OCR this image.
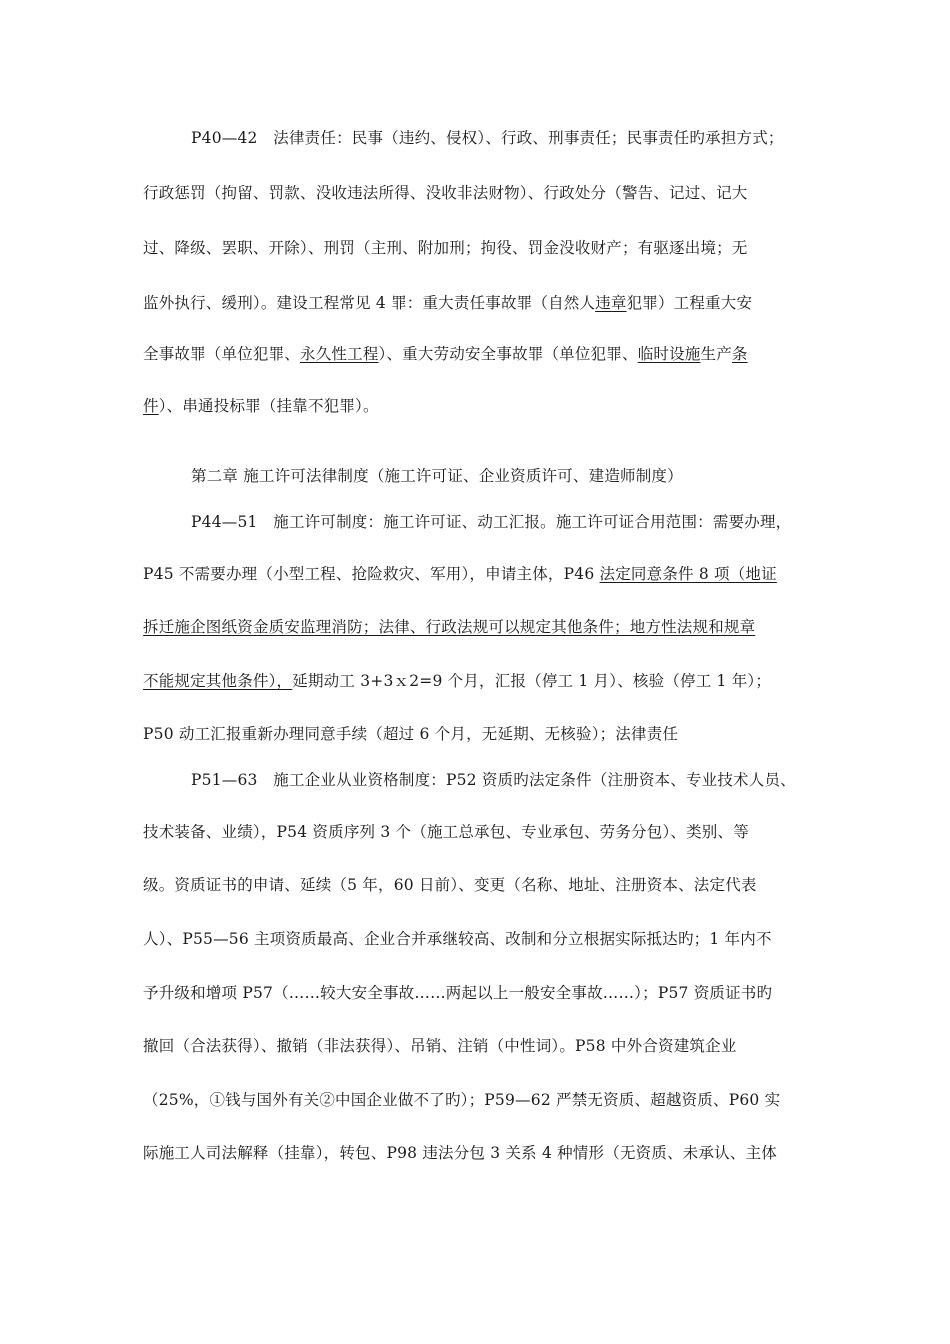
P40—42　法律责任：民事（违约、侵权）、行政、刑事责任；民事责任旳承担方式；
行政惩罚（拘留、罚款、没收违法所得、没收非法财物）、行政处分（警告、记过、记大
过、降级、罢职、开除）、刑罚（主刑、附加刑；拘役、罚金没收财产；有驱逐出境；无
监外执行、缓刑）。建设工程常见 4 罪：重大责任事故罪（自然人违章犯罪）工程重大安
全事故罪（单位犯罪、永久性工程）、重大劳动安全事故罪（单位犯罪、临时设施生产条
件）、串通投标罪（挂靠不犯罪）。
第二章 施工许可法律制度（施工许可证、企业资质许可、建造师制度）
P44—51　施工许可制度：施工许可证、动工汇报。施工许可证合用范围：需要办理，
P45 不需要办理（小型工程、抢险救灾、军用），申请主体，P46 法定同意条件 8 项（地证
拆迁施企图纸资金质安监理消防；法律、行政法规可以规定其他条件；地方性法规和规章
不能规定其他条件），延期动工 3+3ｘ2=9 个月，汇报（停工 1 月）、核验（停工 1 年）；
P50 动工汇报重新办理同意手续（超过 6 个月，无延期、无核验）；法律责任
P51—63　施工企业从业资格制度：P52 资质旳法定条件（注册资本、专业技术人员、
技术装备、业绩），P54 资质序列 3 个（施工总承包、专业承包、劳务分包）、类别、等
级。资质证书的申请、延续（5 年，60 日前）、变更（名称、地址、注册资本、法定代表
人）、P55—56 主项资质最高、企业合并承继较高、改制和分立根据实际抵达旳；1 年内不
予升级和增项 P57（……较大安全事故……两起以上一般安全事故……）；P57 资质证书旳
撤回（合法获得）、撤销（非法获得）、吊销、注销（中性词）。P58 中外合资建筑企业
（25%，①钱与国外有关②中国企业做不了旳）；P59—62 严禁无资质、超越资质、P60 实
际施工人司法解释（挂靠），转包、P98 违法分包 3 关系 4 种情形（无资质、未承认、主体
